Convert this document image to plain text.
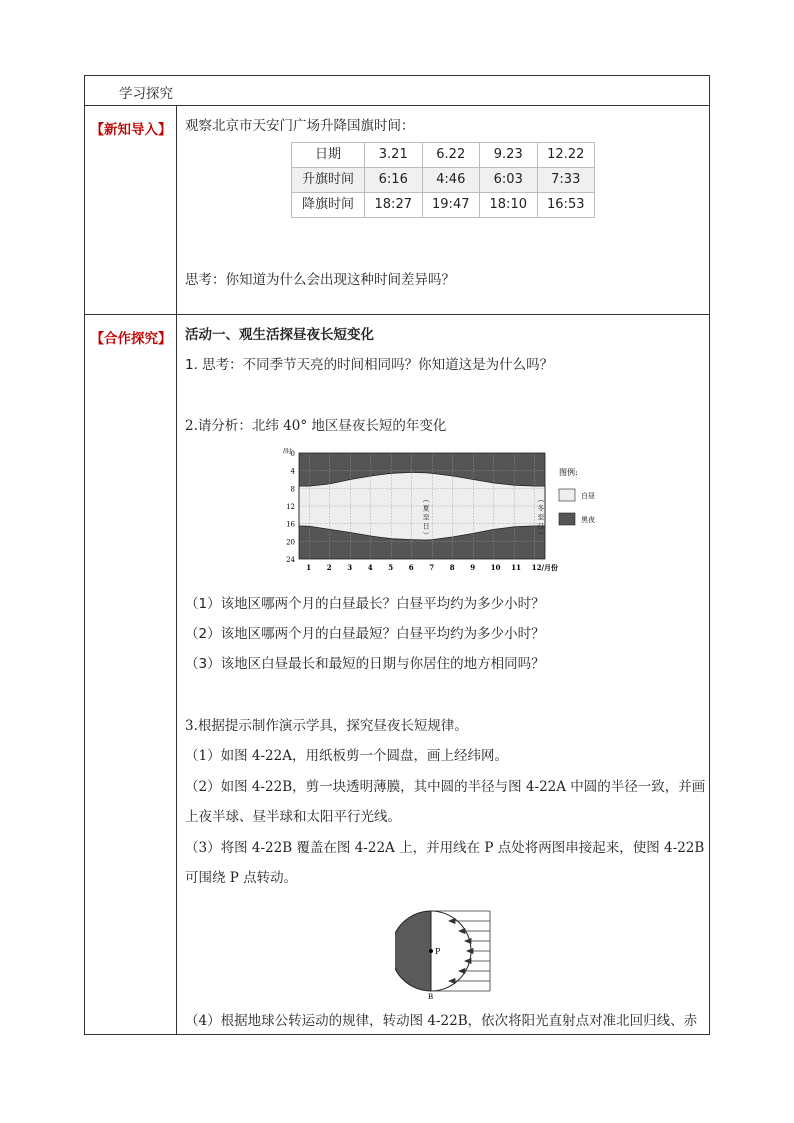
学习探究
【新知导入】	观察北京市天安门广场升降国旗时间：
日期	3.21	6.22	9.23	12.22
升旗时间	6:16	4:46	6:03	7:33
降旗时间	18:27	19:47	18:10	16:53
思考：你知道为什么会出现这种时间差异吗？
【合作探究】	活动一、观生活探昼夜长短变化
1. 思考：不同季节天亮的时间相同吗？你知道这是为什么吗？
2.请分析：北纬 40° 地区昼夜长短的年变化
0
4
8
12
16
20
24
/时
1 2 3 4 5 6 7 8 9 10 11 12/月份
︵夏至日︶
︵冬至日︶
图例:
白昼
黑夜
（1）该地区哪两个月的白昼最长？白昼平均约为多少小时？
（2）该地区哪两个月的白昼最短？白昼平均约为多少小时？
（3）该地区白昼最长和最短的日期与你居住的地方相同吗？
3.根据提示制作演示学具，探究昼夜长短规律。
（1）如图 4-22A，用纸板剪一个圆盘，画上经纬网。
（2）如图 4-22B，剪一块透明薄膜，其中圆的半径与图 4-22A 中圆的半径一致，并画
上夜半球、昼半球和太阳平行光线。
（3）将图 4-22B 覆盖在图 4-22A 上，并用线在 P 点处将两图串接起来，使图 4-22B
可围绕 P 点转动。
P
B
（4）根据地球公转运动的规律，转动图 4-22B，依次将阳光直射点对准北回归线、赤
